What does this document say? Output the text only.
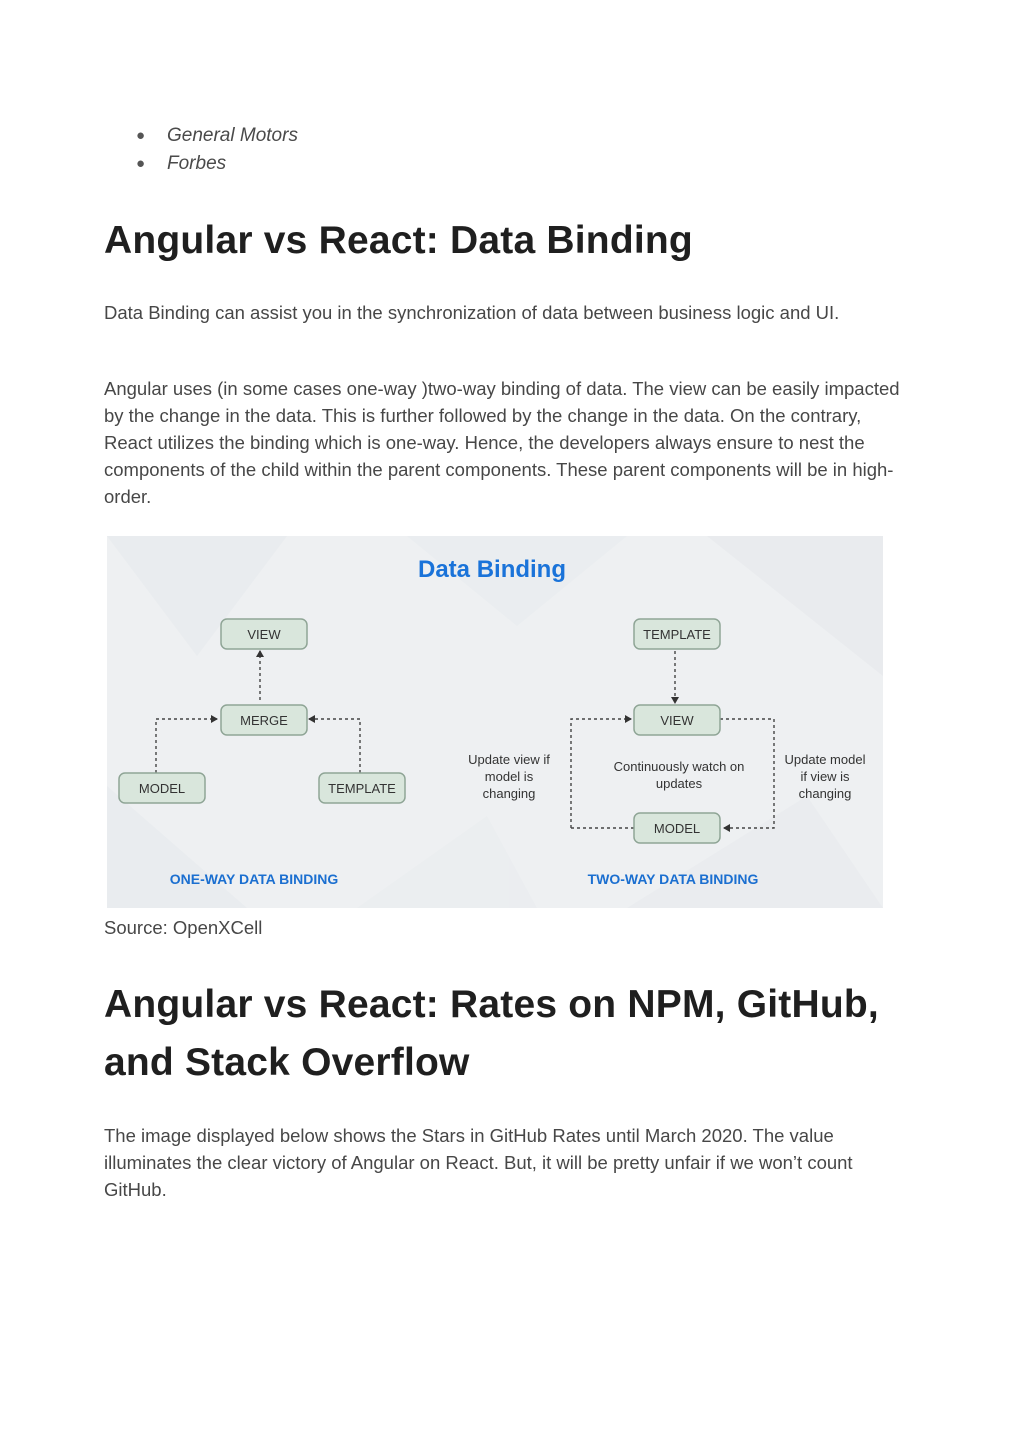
● General Motors
● Forbes
Angular vs React: Data Binding

Data Binding can assist you in the synchronization of data between business logic and UI.

Angular uses (in some cases one-way )two-way binding of data. The view can be easily impacted by the change in the data. This is further followed by the change in the data. On the contrary, React utilizes the binding which is one-way. Hence, the developers always ensure to nest the components of the child within the parent components. These parent components will be in high-order.

Data Binding
VIEW
MERGE
MODEL	TEMPLATE
ONE-WAY DATA BINDING
TEMPLATE
VIEW
MODEL
Update view if
model is
changing
Continuously watch on
updates
Update model
if view is
changing
TWO-WAY DATA BINDING

Source: OpenXCell

Angular vs React: Rates on NPM, GitHub, and Stack Overflow

The image displayed below shows the Stars in GitHub Rates until March 2020. The value illuminates the clear victory of Angular on React. But, it will be pretty unfair if we won’t count GitHub.
